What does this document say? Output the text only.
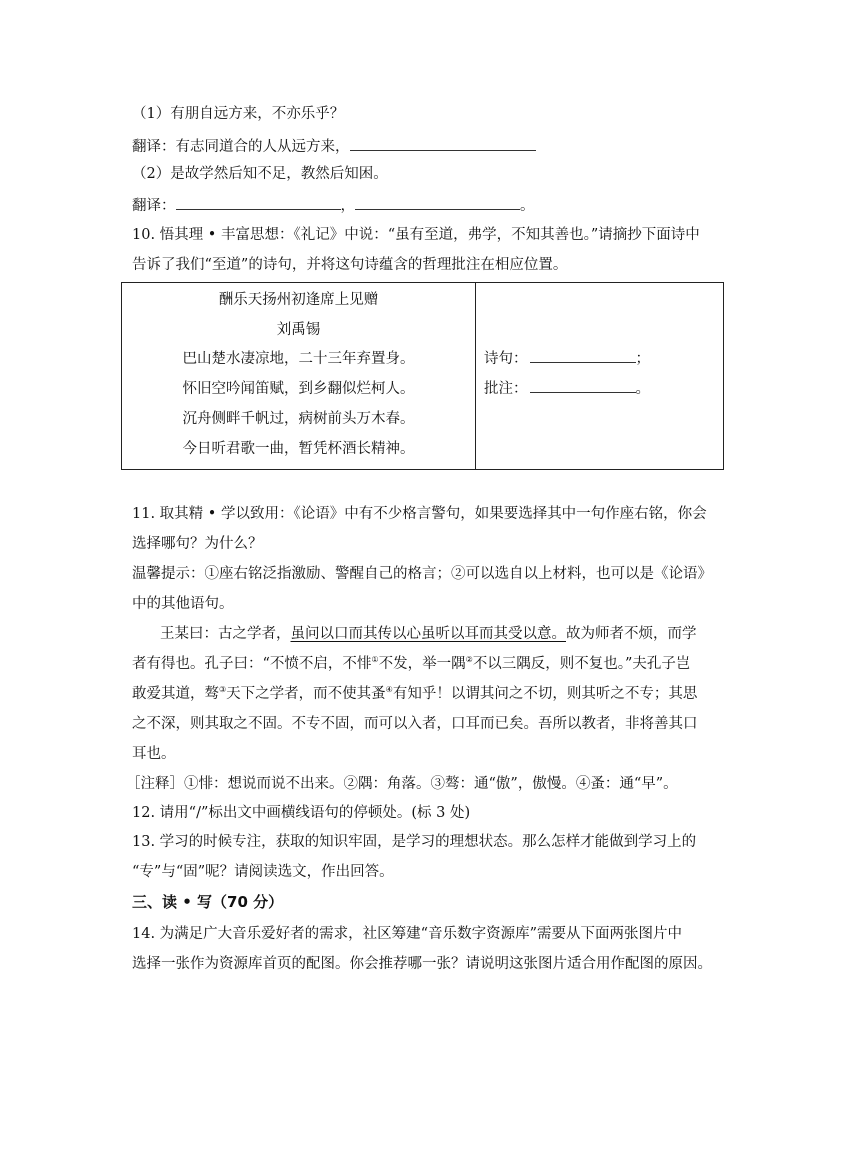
（1）有朋自远方来，不亦乐乎？
翻译：有志同道合的人从远方来，
（2）是故学然后知不足，教然后知困。
翻译：	，	。
10. 悟其理 • 丰富思想：《礼记》中说：“虽有至道，弗学，不知其善也。”请摘抄下面诗中
告诉了我们“至道”的诗句，并将这句诗蕴含的哲理批注在相应位置。
酬乐天扬州初逢席上见赠
刘禹锡
巴山楚水凄凉地，二十三年弃置身。
怀旧空吟闻笛赋，到乡翻似烂柯人。
沉舟侧畔千帆过，病树前头万木春。
今日听君歌一曲，暂凭杯酒长精神。
诗句：	；
批注：	。
11. 取其精 • 学以致用：《论语》中有不少格言警句，如果要选择其中一句作座右铭，你会
选择哪句？为什么？
温馨提示：①座右铭泛指激励、警醒自己的格言；②可以选自以上材料，也可以是《论语》
中的其他语句。
王某曰：古之学者，虽问以口而其传以心虽听以耳而其受以意。故为师者不烦，而学
者有得也。孔子曰：“不愤不启，不悱①不发，举一隅②不以三隅反，则不复也。”夫孔子岂
敢爱其道，骜③天下之学者，而不使其蚤④有知乎！以谓其问之不切，则其听之不专；其思
之不深，则其取之不固。不专不固，而可以入者，口耳而已矣。吾所以教者，非将善其口
耳也。
［注释］①悱：想说而说不出来。②隅：角落。③骜：通“傲”，傲慢。④蚤：通“早”。
12. 请用“/”标出文中画横线语句的停顿处。(标 3 处)
13. 学习的时候专注，获取的知识牢固，是学习的理想状态。那么怎样才能做到学习上的
“专”与“固”呢？请阅读选文，作出回答。
三、读 • 写（70 分）
14. 为满足广大音乐爱好者的需求，社区筹建“音乐数字资源库”需要从下面两张图片中
选择一张作为资源库首页的配图。你会推荐哪一张？请说明这张图片适合用作配图的原因。
